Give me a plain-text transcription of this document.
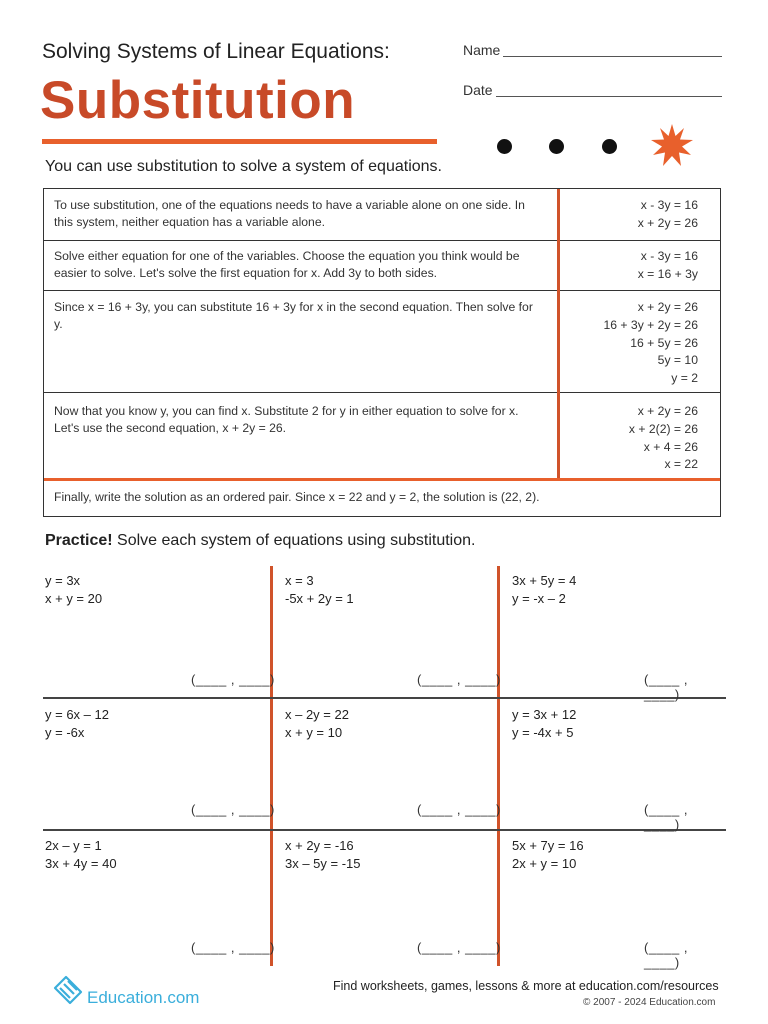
Solving Systems of Linear Equations:
Substitution
Name
Date
You can use substitution to solve a system of equations.
To use substitution, one of the equations needs to have a variable alone on one side. In this system, neither equation has a variable alone.
x - 3y = 16
x + 2y = 26
Solve either equation for one of the variables. Choose the equation you think would be easier to solve. Let's solve the first equation for x. Add 3y to both sides.
x - 3y = 16
x = 16 + 3y
Since x = 16 + 3y, you can substitute 16 + 3y for x in the second equation. Then solve for y.
x + 2y = 26
16 + 3y + 2y = 26
16 + 5y = 26
5y = 10
y = 2
Now that you know y, you can find x. Substitute 2 for y in either equation to solve for x. Let's use the second equation, x + 2y = 26.
x + 2y = 26
x + 2(2) = 26
x + 4 = 26
x = 22
Finally, write the solution as an ordered pair. Since x = 22 and y = 2, the solution is (22, 2).
Practice! Solve each system of equations using substitution.
y = 3x
x + y = 20
(____ , ____)
x = 3
-5x + 2y = 1
(____ , ____)
3x + 5y = 4
y = -x – 2
(____ , ____)
y = 6x – 12
y = -6x
(____ , ____)
x – 2y = 22
x + y = 10
(____ , ____)
y = 3x + 12
y = -4x + 5
(____ , ____)
2x – y = 1
3x + 4y = 40
(____ , ____)
x + 2y = -16
3x – 5y = -15
(____ , ____)
5x + 7y = 16
2x + y = 10
(____ , ____)
Education.com
Find worksheets, games, lessons & more at education.com/resources
© 2007 - 2024 Education.com
